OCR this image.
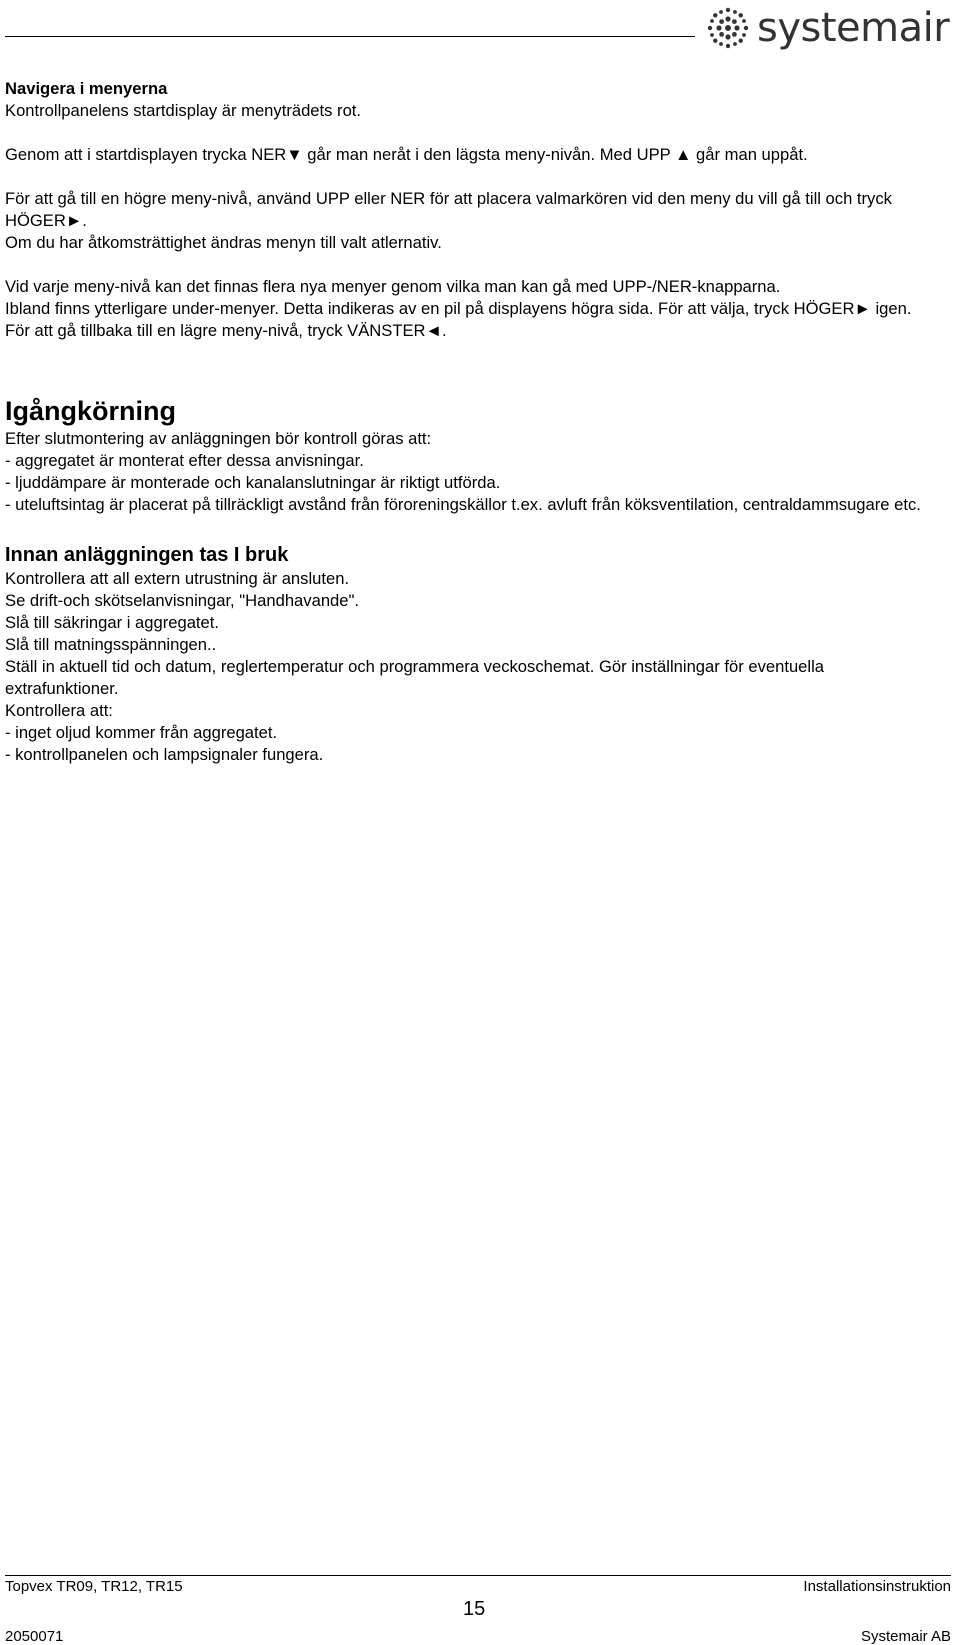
systemair

Navigera i menyerna

Kontrollpanelens startdisplay är menyträdets rot.

Genom att i startdisplayen trycka NER▼ går man neråt i den lägsta meny-nivån. Med UPP ▲ går man uppåt.

För att gå till en högre meny-nivå, använd UPP eller NER för att placera valmarkören vid den meny du vill gå till och tryck HÖGER►.

Om du har åtkomsträttighet ändras menyn till valt atlernativ.

Vid varje meny-nivå kan det finnas flera nya menyer genom vilka man kan gå med UPP-/NER-knapparna.

Ibland finns ytterligare under-menyer. Detta indikeras av en pil på displayens högra sida. För att välja, tryck HÖGER► igen. För att gå tillbaka till en lägre meny-nivå, tryck VÄNSTER◄.

Igångkörning

Efter slutmontering av anläggningen bör kontroll göras att:

- aggregatet är monterat efter dessa anvisningar.

- ljuddämpare är monterade och kanalanslutningar är riktigt utförda.

- uteluftsintag är placerat på tillräckligt avstånd från föroreningskällor t.ex. avluft från köksventilation, centraldammsugare etc.

Innan anläggningen tas I bruk

Kontrollera att all extern utrustning är ansluten.

Se drift-och skötselanvisningar, "Handhavande".

Slå till säkringar i aggregatet.

Slå till matningsspänningen..

Ställ in aktuell tid och datum, reglertemperatur och programmera veckoschemat. Gör inställningar för eventuella extrafunktioner.

Kontrollera att:

- inget oljud kommer från aggregatet.

- kontrollpanelen och lampsignaler fungera.

Topvex TR09, TR12, TR15	Installationsinstruktion
15
2050071	Systemair AB
